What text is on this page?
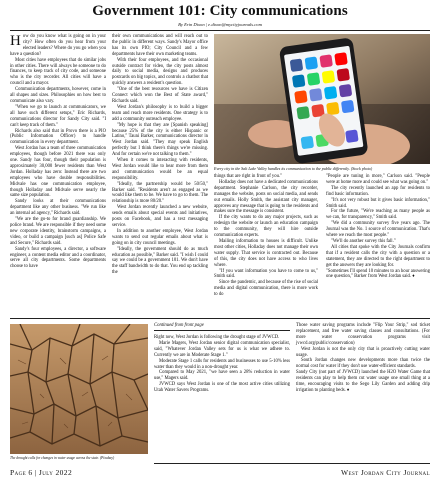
Government 101: City communications
By Erin Dixon | e.dixon@mycityjournals.com

How do you know what is going on in your city? How often do you hear from your elected leaders? Where do you go when you have a question?

Most cities have employees that do similar jobs in other cities. There will always be someone to do finances, to keep track of city code, and someone who is the city recorder. All cities will have a council and a mayor.

Communication departments, however, come in all shapes and sizes. Philosophies on how best to communicate also vary.

"When we go to launch at communicators, we all have such different setups," Eric Richards, communications director for Sandy City said. "I can't keep track of them."

Richards also said that in Provo there is a PIO (Public Information Officer) to handle communication in every department.

West Jordan has a team of three communication employees, though before 2021 there was only one. Sandy has four, though their population is approximately 30,000 fewer residents than West Jordan. Holladay has zero: Instead there are two employees who have double responsibilities. Midvale has one communication employee, though Holladay and Midvale serve nearly the same size population.

Sandy looks at their communications department like any other business. "We run like an internal ad agency," Richards said.

"We are the go-to for brand guardianship. We police brand. We are responsible if they need some new corporate identity, brainstorm campaigns, a video, or build a campaign [such as] Police Safe and Secure," Richards said.

Sandy's four employees, a director, a software engineer, a content media editor and a coordinator, serve all city departments. Some departments choose to have

their own communications and will reach out to the public in different ways. Sandy's Mayor office has its own PIO; City Council and a few departments have their own marketing teams.

With their four employees, and the occasional outside contract for video, the city posts almost daily to social media, designs and produces postcards on big topics, and controls a chatbot that quickly answers a resident's question.

"One of the best resources we have is Citizen Connect which won the Best of State award," Richards said.

West Jordan's philosophy is to build a bigger team and reach more residents. One strategy is to add a community outreach employee.

"My hope is that they are [Spanish speaking] because 25% of the city is either Hispanic or Latino," Tauni Barker, communications director in West Jordan said. "They may speak English perfectly but I think there's things we're missing. And for certain we're not talking to them."

When it comes to interacting with residents, West Jordan would like to hear more from them and communication would be an equal responsibility.

"Ideally, the partnership would be 50/50," Barker said. "Residents aren't as engaged as we would like them to be. We have to go to them. The relationship is more 80/20."

West Jordan recently launched a new website, sends emails about special events and initiatives, posts on Facebook, and has a text messaging service.

In addition to another employee, West Jordan wants to send out regular emails about what is going on in city council meetings.

"Ideally, the government should do as much education as possible," Barker said. "I wish I could say we could be a government 101. We don't have the staff bandwidth to do that. You end up tackling the

Every city in the Salt Lake Valley handles its communication to the public differently. (Stock photo)

things that are right in front of you."

Holladay does not have a dedicated communications department. Stephanie Carlson, the city recorder, manages the website, posts on social media, and sends out emails. Holly Smith, the assistant city manager, approves any message that is going to the residents and makes sure the message is consistent.

If the city wants to do any major projects, such as redesign the website or launch an education campaign to the community, they will hire outside communication experts.

Mailing information to houses is difficult. Unlike most other cities, Holladay does not manage their own water supply. That service is contracted out. Because of this, the city does not have access to who lives where.

"If you want information you have to come to us," Smith said.

Since the pandemic, and because of the rise of social media and digital communication, there is more work to do

"People are tuning in more," Carlson said. "People were at home more and could see what was going on."

The city recently launched an app for residents to find basic information.

"It's not very robust but it gives basic information," Smith said.

For the future, "We're reaching as many people as we can, for transparency," Smith said.

"We did a community survey five years ago. The Journal was the No. 1 source of communication. That's where we reach the most people."

"We'll do another survey this fall."

All cities that spoke with the City Journals confirm that if a resident calls the city with a question or a statement, they are directed to the right department to get the answers they are looking for.

"Sometimes I'll spend 10 minutes to an hour answering one question," Barker from West Jordan said. ♦

The drought calls for changes in water usage across the state. (Pixabay)
Continued from front page

Right now, West Jordan is following the drought stage of JVWCD.

Marie Magers, West Jordan senior digital communication specialist, said, "Whatever Jordan Valley sets for us is what we adhere to. Currently we are in Moderate Stage 1."

Moderate Stage 1 calls for residents and businesses to use 5-10% less water than they would in a non-drought year.

Compared to May 2021, "we have seen a 28% reduction in water use," Magers said.

JVWCD says West Jordan is one of the most active cities utilizing Utah Water Savers Programs.

Those water saving programs include "Flip Your Strip," sod ticket replacement, and free water saving classes and consultations. (For more water conservation programs visit jvwcd.org/public/conservation)

West Jordan is not the only city that is proactively cutting water usage.

South Jordan changes new developments more than twice the normal cost for water if they don't use water-efficient standards.

Sandy City (not part of JVWCD) launched the H2O Water Game that residents can play to help them cut water usage one small thing at a time, encouraging visits to the Sego Lily Garden and adding drip irrigation to planting beds. ♦

Page 6 | July 2022	West Jordan City Journal
